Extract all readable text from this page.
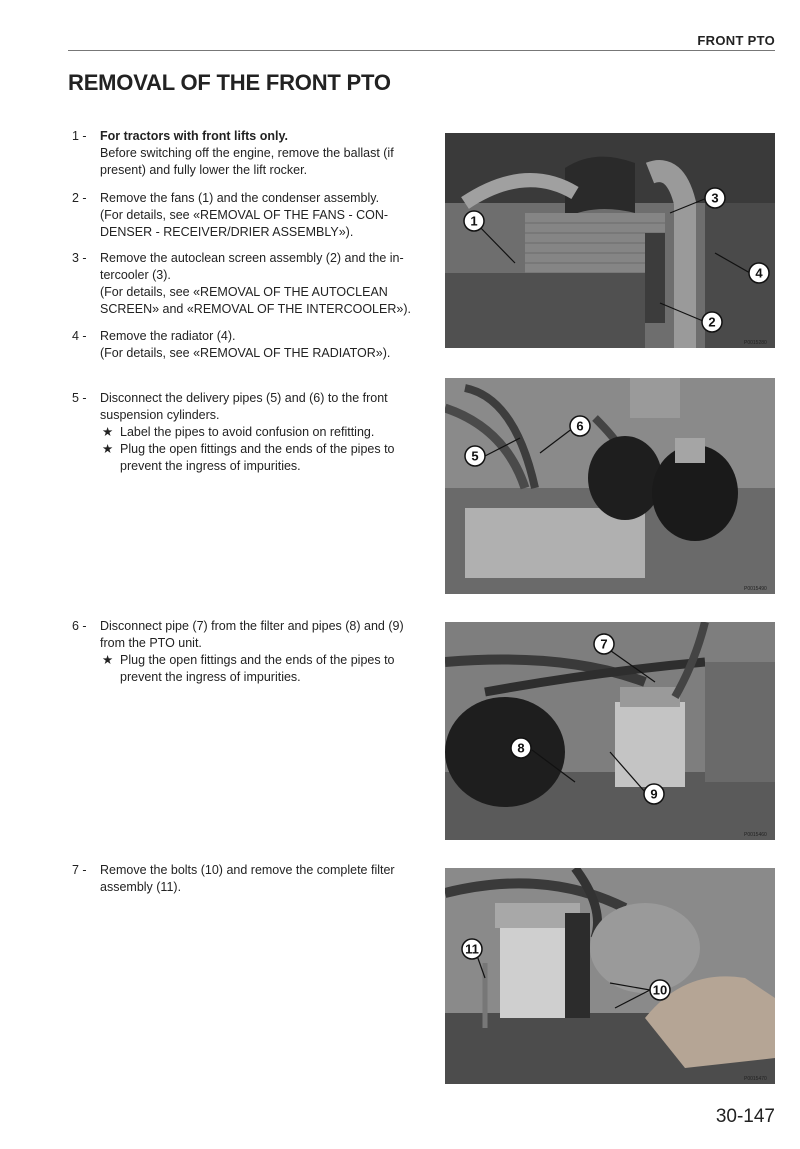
FRONT PTO
REMOVAL OF THE FRONT PTO
1 -	For tractors with front lifts only.
Before switching off the engine, remove the ballast (if
present) and fully lower the lift rocker.
2 -	Remove the fans (1) and the condenser assembly.
(For details, see «REMOVAL OF THE FANS - CON-
DENSER - RECEIVER/DRIER ASSEMBLY»).
3 -	Remove the autoclean screen assembly (2) and the in-
tercooler (3).
(For details, see «REMOVAL OF THE AUTOCLEAN
SCREEN» and «REMOVAL OF THE INTERCOOLER»).
4 -	Remove the radiator (4).
(For details, see «REMOVAL OF THE RADIATOR»).
5 -	Disconnect the delivery pipes (5) and (6) to the front
suspension cylinders.
★ Label the pipes to avoid confusion on refitting.
★ Plug the open fittings and the ends of the pipes to
prevent the ingress of impurities.
6 -	Disconnect pipe (7) from the filter and pipes (8) and (9)
from the PTO unit.
★ Plug the open fittings and the ends of the pipes to
prevent the ingress of impurities.
7 -	Remove the bolts (10) and remove the complete filter
assembly (11).
1
3
4
2
P0015280
5
6
P0015490
7
8
9
P0015460
11
10
P0015470
30-147
